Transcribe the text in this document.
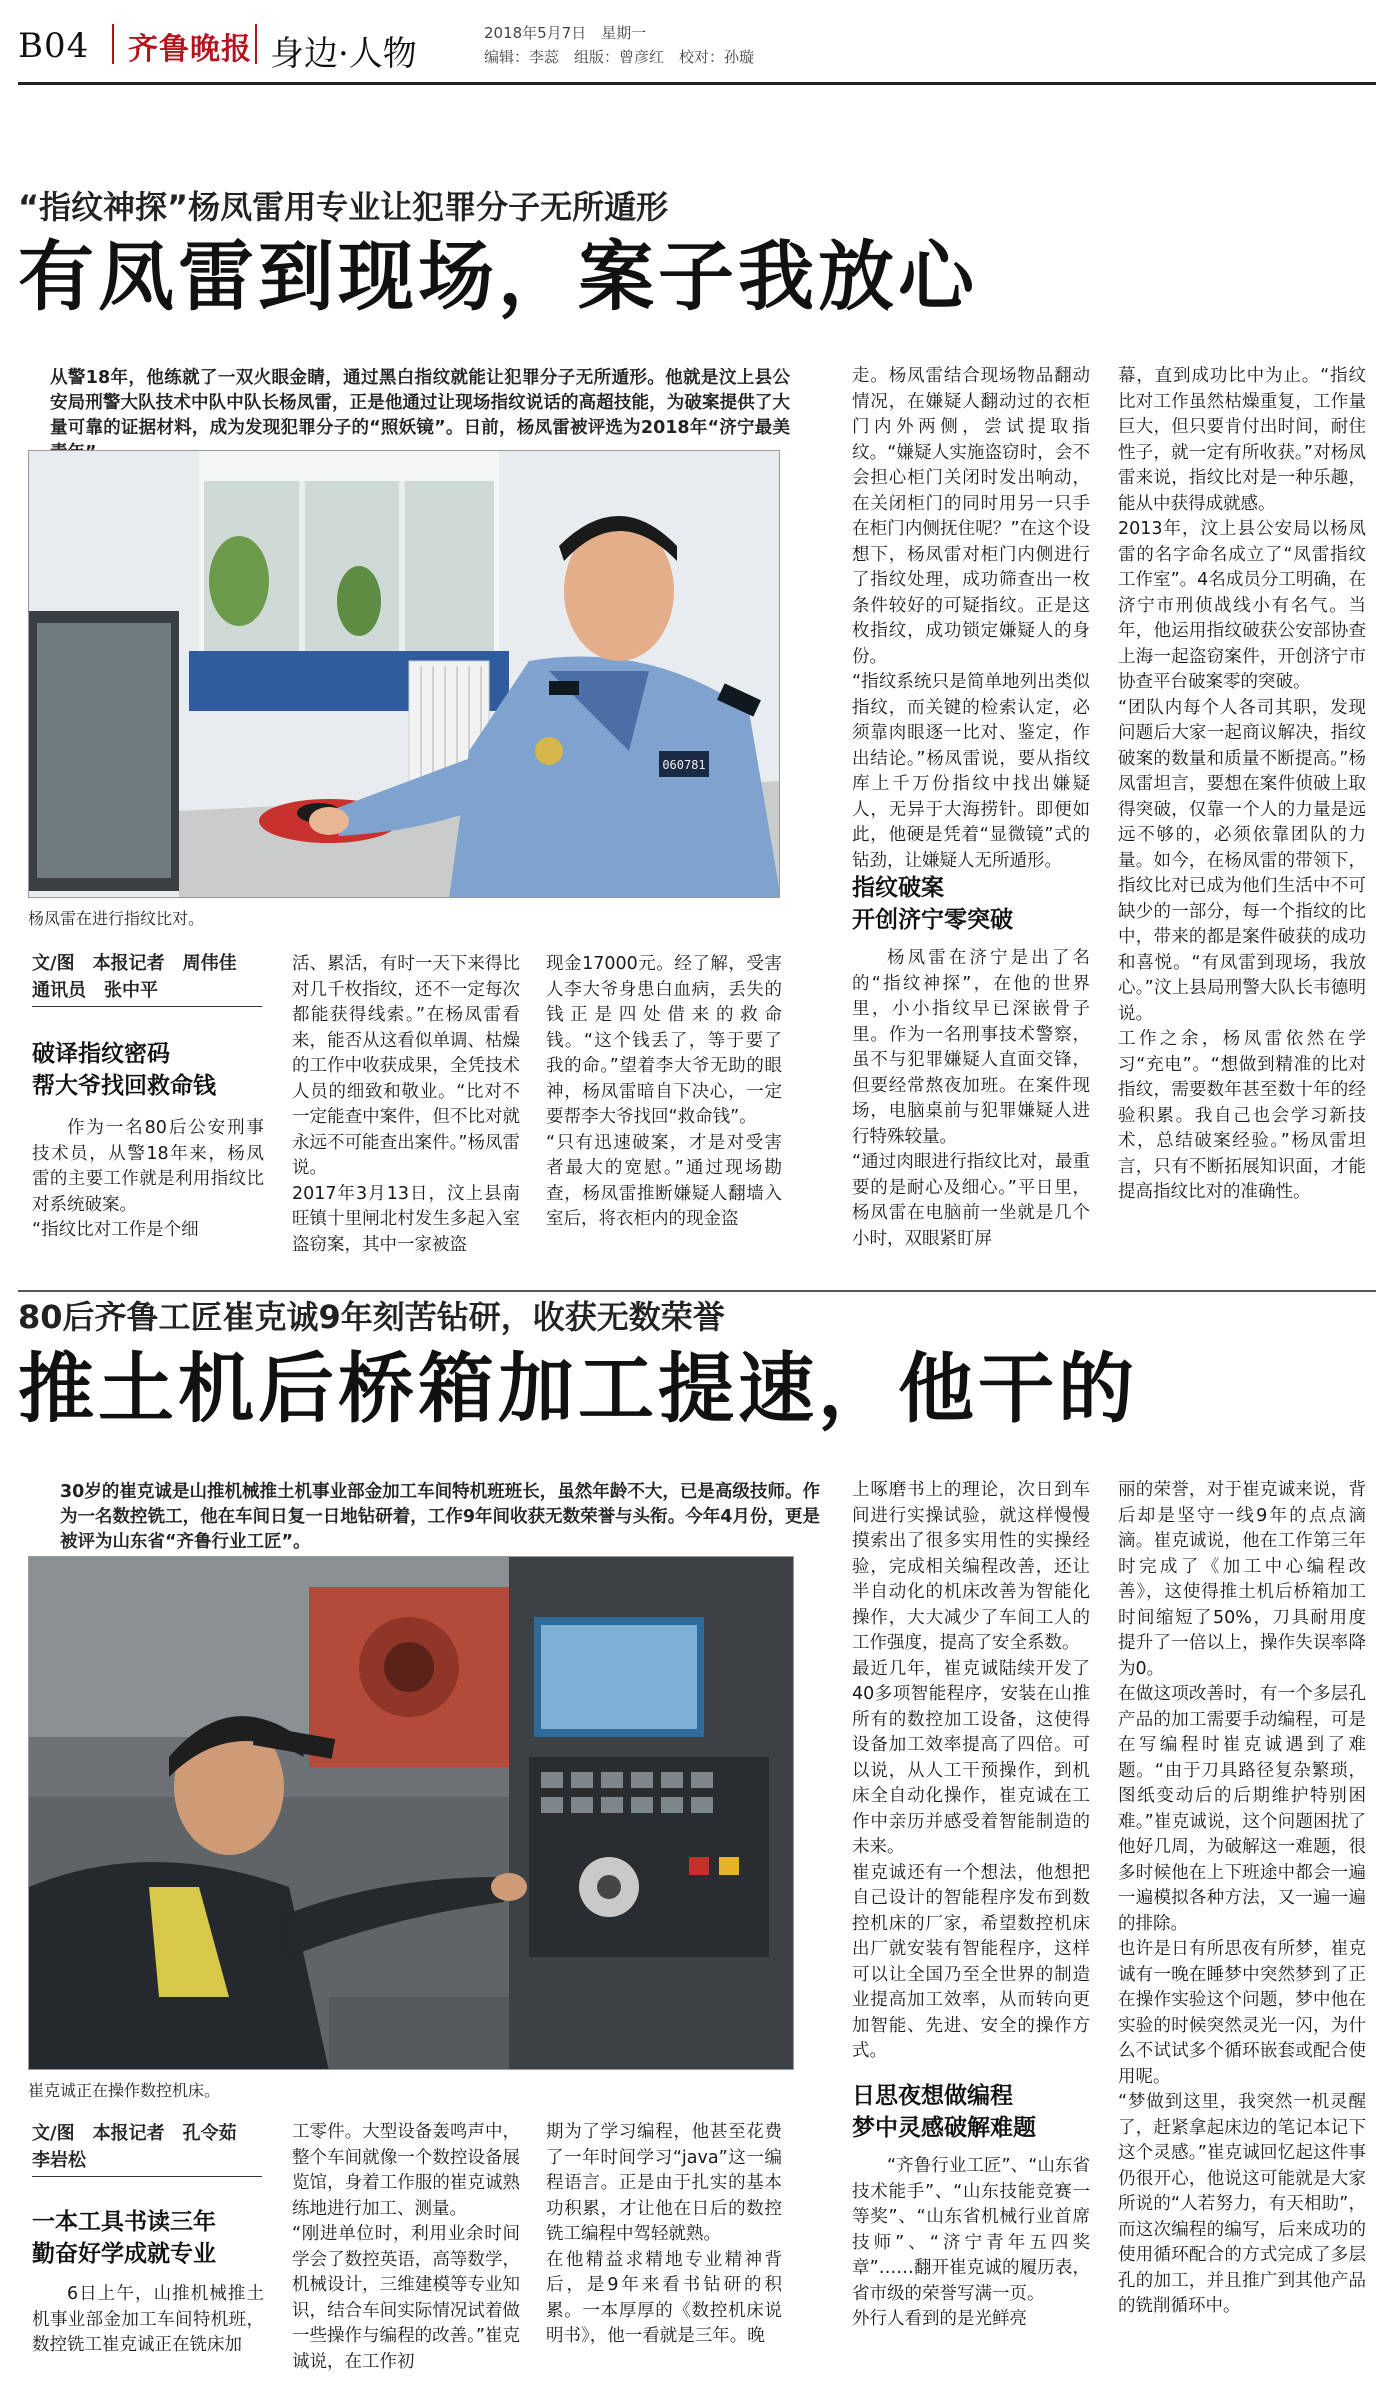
B04 齐鲁晚报 身边·人物
2018年5月7日　星期一
编辑：李蕊　组版：曾彦红　校对：孙璇
“指纹神探”杨凤雷用专业让犯罪分子无所遁形
有凤雷到现场，案子我放心
从警18年，他练就了一双火眼金睛，通过黑白指纹就能让犯罪分子无所遁形。他就是汶上县公安局刑警大队技术中队中队长杨凤雷，正是他通过让现场指纹说话的高超技能，为破案提供了大量可靠的证据材料，成为发现犯罪分子的“照妖镜”。日前，杨凤雷被评选为2018年“济宁最美
060781
杨凤雷在进行指纹比对。
文/图　本报记者　周伟佳
通讯员　张中平
破译指纹密码
帮大爷找回救命钱
作为一名80后公安刑事技术员，从警18年来，杨凤雷的主要工作就是利用指纹比对系统破案。
“指纹比对工作是个细
活、累活，有时一天下来得比对几千枚指纹，还不一定每次都能获得线索。”在杨凤雷看来，能否从这看似单调、枯燥的工作中收获成果，全凭技术人员的细致和敬业。“比对不一定能查中案件，但不比对就永远不可能查出案件。”杨凤雷说。
2017年3月13日，汶上县南旺镇十里闸北村发生多起入室盗窃案，其中一家被盗
现金17000元。经了解，受害人李大爷身患白血病，丢失的钱正是四处借来的救命钱。“这个钱丢了，等于要了我的命。”望着李大爷无助的眼神，杨凤雷暗自下决心，一定要帮李大爷找回“救命钱”。
“只有迅速破案，才是对受害者最大的宽慰。”通过现场勘查，杨凤雷推断嫌疑人翻墙入室后，将衣柜内的现金盗
走。杨凤雷结合现场物品翻动情况，在嫌疑人翻动过的衣柜门内外两侧，尝试提取指纹。“嫌疑人实施盗窃时，会不会担心柜门关闭时发出响动，在关闭柜门的同时用另一只手在柜门内侧抚住呢？”在这个设想下，杨凤雷对柜门内侧进行了指纹处理，成功筛查出一枚条件较好的可疑指纹。正是这枚指纹，成功锁定嫌疑人的身份。
“指纹系统只是简单地列出类似指纹，而关键的检索认定，必须靠肉眼逐一比对、鉴定，作出结论。”杨凤雷说，要从指纹库上千万份指纹中找出嫌疑人，无异于大海捞针。即便如此，他硬是凭着“显微镜”式的钻劲，让嫌疑人无所遁形。
指纹破案
开创济宁零突破
杨凤雷在济宁是出了名的“指纹神探”，在他的世界里，小小指纹早已深嵌骨子里。作为一名刑事技术警察，虽不与犯罪嫌疑人直面交锋，但要经常熬夜加班。在案件现场，电脑桌前与犯罪嫌疑人进行特殊较量。
“通过肉眼进行指纹比对，最重要的是耐心及细心。”平日里，杨凤雷在电脑前一坐就是几个小时，双眼紧盯屏
幕，直到成功比中为止。“指纹比对工作虽然枯燥重复，工作量巨大，但只要肯付出时间，耐住性子，就一定有所收获。”对杨凤雷来说，指纹比对是一种乐趣，能从中获得成就感。
2013年，汶上县公安局以杨凤雷的名字命名成立了“凤雷指纹工作室”。4名成员分工明确，在济宁市刑侦战线小有名气。当年，他运用指纹破获公安部协查上海一起盗窃案件，开创济宁市协查平台破案零的突破。
“团队内每个人各司其职，发现问题后大家一起商议解决，指纹破案的数量和质量不断提高。”杨凤雷坦言，要想在案件侦破上取得突破，仅靠一个人的力量是远远不够的，必须依靠团队的力量。如今，在杨凤雷的带领下，指纹比对已成为他们生活中不可缺少的一部分，每一个指纹的比中，带来的都是案件破获的成功和喜悦。“有凤雷到现场，我放心。”汶上县局刑警大队长韦德明说。
工作之余，杨凤雷依然在学习“充电”。“想做到精准的比对指纹，需要数年甚至数十年的经验积累。我自己也会学习新技术，总结破案经验。”杨凤雷坦言，只有不断拓展知识面，才能提高指纹比对的准确性。
80后齐鲁工匠崔克诚9年刻苦钻研，收获无数荣誉
推土机后桥箱加工提速，他干的
30岁的崔克诚是山推机械推土机事业部金加工车间特机班班长，虽然年龄不大，已是高级技师。作为一名数控铣工，他在车间日复一日地钻研着，工作9年间收获无数荣誉与头衔。今年4月份，更是被评为山东省“齐鲁行业工匠”。
崔克诚正在操作数控机床。
文/图　本报记者　孔令茹
李岩松
一本工具书读三年
勤奋好学成就专业
6日上午，山推机械推土机事业部金加工车间特机班，数控铣工崔克诚正在铣床加
工零件。大型设备轰鸣声中，整个车间就像一个数控设备展览馆，身着工作服的崔克诚熟练地进行加工、测量。
“刚进单位时，利用业余时间学会了数控英语，高等数学，机械设计，三维建模等专业知识，结合车间实际情况试着做一些操作与编程的改善。”崔克诚说，在工作初
期为了学习编程，他甚至花费了一年时间学习“java”这一编程语言。正是由于扎实的基本功积累，才让他在日后的数控铣工编程中驾轻就熟。
在他精益求精地专业精神背后，是9年来看书钻研的积累。一本厚厚的《数控机床说明书》，他一看就是三年。晚
上啄磨书上的理论，次日到车间进行实操试验，就这样慢慢摸索出了很多实用性的实操经验，完成相关编程改善，还让半自动化的机床改善为智能化操作，大大减少了车间工人的工作强度，提高了安全系数。
最近几年，崔克诚陆续开发了40多项智能程序，安装在山推所有的数控加工设备，这使得设备加工效率提高了四倍。可以说，从人工干预操作，到机床全自动化操作，崔克诚在工作中亲历并感受着智能制造的未来。
崔克诚还有一个想法，他想把自己设计的智能程序发布到数控机床的厂家，希望数控机床出厂就安装有智能程序，这样可以让全国乃至全世界的制造业提高加工效率，从而转向更加智能、先进、安全的操作方式。
日思夜想做编程
梦中灵感破解难题
“齐鲁行业工匠”、“山东省技术能手”、“山东技能竞赛一等奖”、“山东省机械行业首席技师”、“济宁青年五四奖章”……翻开崔克诚的履历表，省市级的荣誉写满一页。
外行人看到的是光鲜亮
丽的荣誉，对于崔克诚来说，背后却是坚守一线9年的点点滴滴。崔克诚说，他在工作第三年时完成了《加工中心编程改善》，这使得推土机后桥箱加工时间缩短了50%，刀具耐用度提升了一倍以上，操作失误率降为0。
在做这项改善时，有一个多层孔产品的加工需要手动编程，可是在写编程时崔克诚遇到了难题。“由于刀具路径复杂繁琐，图纸变动后的后期维护特别困难。”崔克诚说，这个问题困扰了他好几周，为破解这一难题，很多时候他在上下班途中都会一遍一遍模拟各种方法，又一遍一遍的排除。
也许是日有所思夜有所梦，崔克诚有一晚在睡梦中突然梦到了正在操作实验这个问题，梦中他在实验的时候突然灵光一闪，为什么不试试多个循环嵌套或配合使用呢。
“梦做到这里，我突然一机灵醒了，赶紧拿起床边的笔记本记下这个灵感。”崔克诚回忆起这件事仍很开心，他说这可能就是大家所说的“人若努力，有天相助”，而这次编程的编写，后来成功的使用循环配合的方式完成了多层孔的加工，并且推广到其他产品的铣削循环中。
